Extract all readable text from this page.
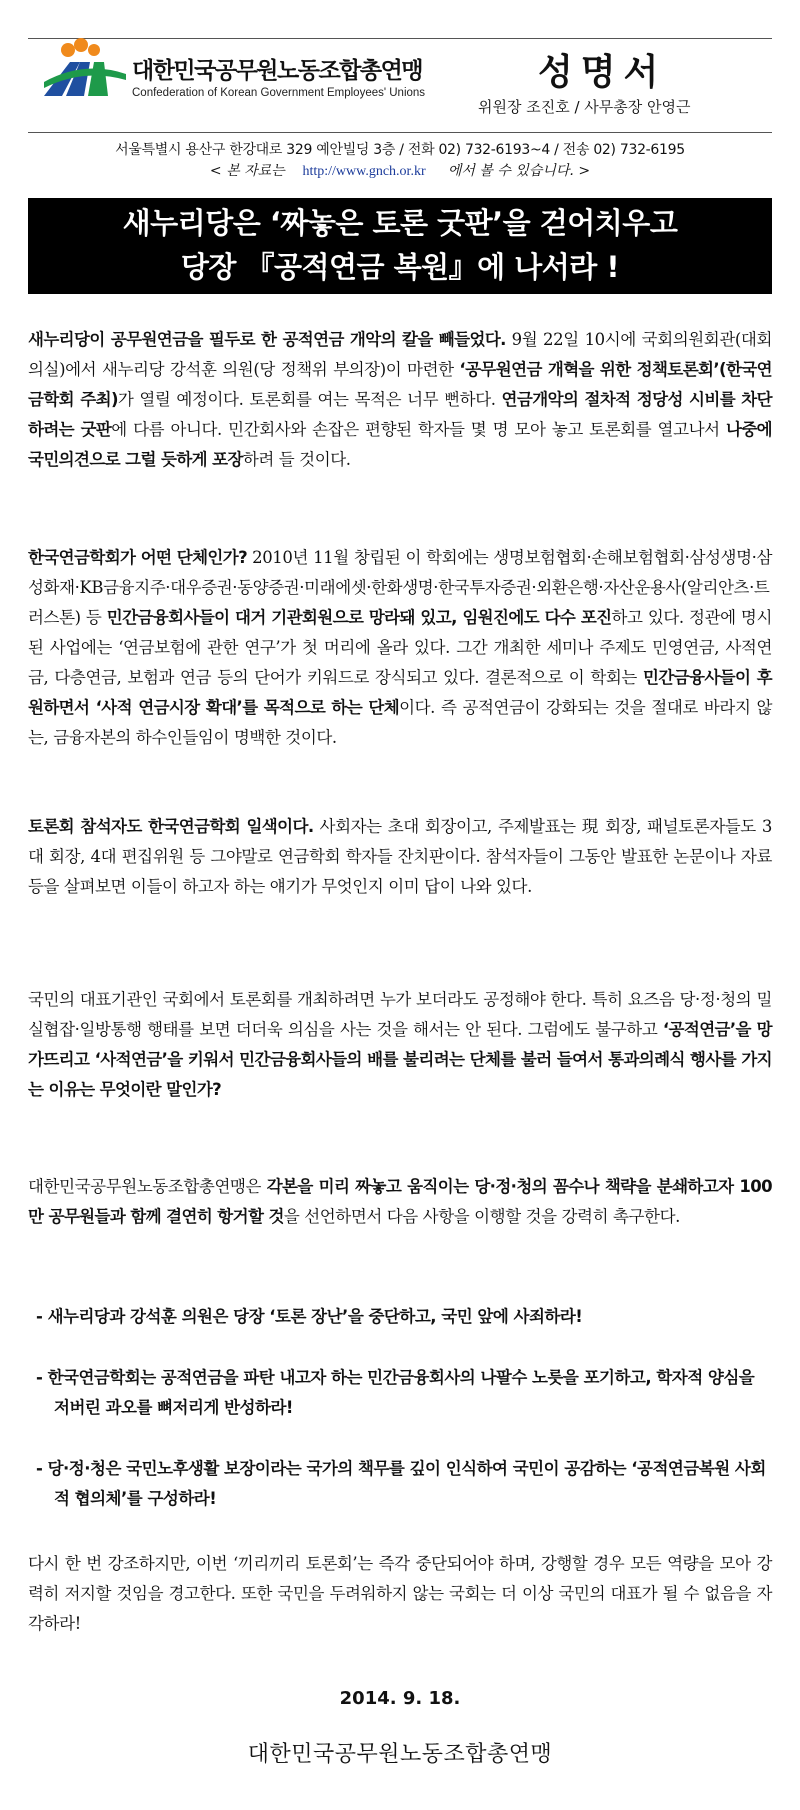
대한민국공무원노동조합총연맹
Confederation of Korean Government Employees' Unions	성명서
위원장 조진호 / 사무총장 안영근
서울특별시 용산구 한강대로 329 예안빌딩 3층 / 전화 02) 732-6193~4 / 전송 02) 732-6195
< 본 자료는 http://www.gnch.or.kr 에서 볼 수 있습니다. >
새누리당은 ‘짜놓은 토론 굿판’을 걷어치우고
당장 『공적연금 복원』에 나서라 !
새누리당이 공무원연금을 필두로 한 공적연금 개악의 칼을 빼들었다. 9월 22일 10시에 국회의원회관(대회의실)에서 새누리당 강석훈 의원(당 정책위 부의장)이 마련한 ‘공무원연금 개혁을 위한 정책토론회’(한국연금학회 주최)가 열릴 예정이다. 토론회를 여는 목적은 너무 뻔하다. 연금개악의 절차적 정당성 시비를 차단하려는 굿판에 다름 아니다. 민간회사와 손잡은 편향된 학자들 몇 명 모아 놓고 토론회를 열고나서 나중에 국민의견으로 그럴 듯하게 포장하려 들 것이다.
한국연금학회가 어떤 단체인가? 2010년 11월 창립된 이 학회에는 생명보험협회·손해보험협회·삼성생명·삼성화재·KB금융지주·대우증권·동양증권·미래에셋·한화생명·한국투자증권·외환은행·자산운용사(알리안츠·트러스톤) 등 민간금융회사들이 대거 기관회원으로 망라돼 있고, 임원진에도 다수 포진하고 있다. 정관에 명시된 사업에는 ‘연금보험에 관한 연구’가 첫 머리에 올라 있다. 그간 개최한 세미나 주제도 민영연금, 사적연금, 다층연금, 보험과 연금 등의 단어가 키워드로 장식되고 있다. 결론적으로 이 학회는 민간금융사들이 후원하면서 ‘사적 연금시장 확대’를 목적으로 하는 단체이다. 즉 공적연금이 강화되는 것을 절대로 바라지 않는, 금융자본의 하수인들임이 명백한 것이다.
토론회 참석자도 한국연금학회 일색이다. 사회자는 초대 회장이고, 주제발표는 現 회장, 패널토론자들도 3대 회장, 4대 편집위원 등 그야말로 연금학회 학자들 잔치판이다. 참석자들이 그동안 발표한 논문이나 자료 등을 살펴보면 이들이 하고자 하는 얘기가 무엇인지 이미 답이 나와 있다.
국민의 대표기관인 국회에서 토론회를 개최하려면 누가 보더라도 공정해야 한다. 특히 요즈음 당·정·청의 밀실협잡·일방통행 행태를 보면 더더욱 의심을 사는 것을 해서는 안 된다. 그럼에도 불구하고 ‘공적연금’을 망가뜨리고 ‘사적연금’을 키워서 민간금융회사들의 배를 불리려는 단체를 불러 들여서 통과의례식 행사를 가지는 이유는 무엇이란 말인가?
대한민국공무원노동조합총연맹은 각본을 미리 짜놓고 움직이는 당·정·청의 꼼수나 책략을 분쇄하고자 100만 공무원들과 함께 결연히 항거할 것을 선언하면서 다음 사항을 이행할 것을 강력히 촉구한다.
- 새누리당과 강석훈 의원은 당장 ‘토론 장난’을 중단하고, 국민 앞에 사죄하라!
- 한국연금학회는 공적연금을 파탄 내고자 하는 민간금융회사의 나팔수 노릇을 포기하고, 학자적 양심을 저버린 과오를 뼈저리게 반성하라!
- 당·정·청은 국민노후생활 보장이라는 국가의 책무를 깊이 인식하여 국민이 공감하는 ‘공적연금복원 사회적 협의체’를 구성하라!
다시 한 번 강조하지만, 이번 ‘끼리끼리 토론회’는 즉각 중단되어야 하며, 강행할 경우 모든 역량을 모아 강력히 저지할 것임을 경고한다. 또한 국민을 두려워하지 않는 국회는 더 이상 국민의 대표가 될 수 없음을 자각하라!
2014. 9. 18.
대한민국공무원노동조합총연맹
